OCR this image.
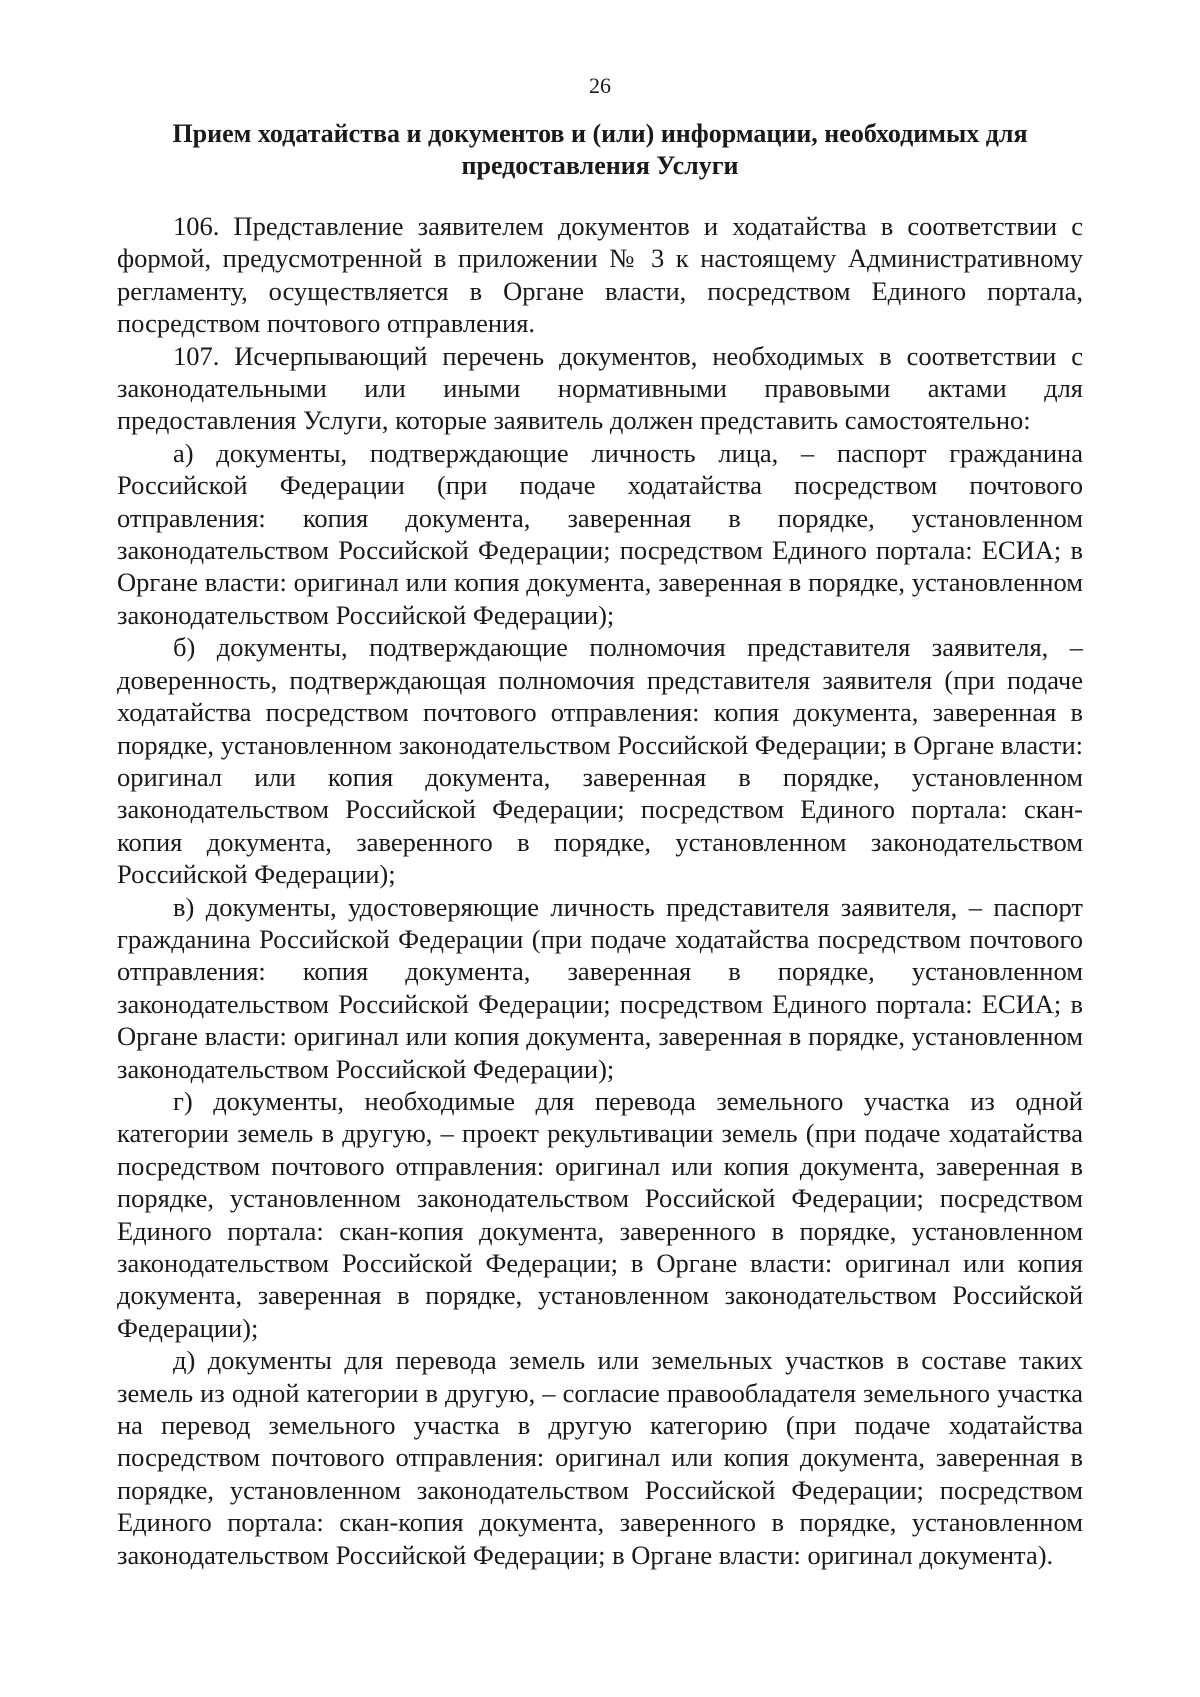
26
Прием ходатайства и документов и (или) информации, необходимых для предоставления Услуги

106. Представление заявителем документов и ходатайства в соответствии с формой, предусмотренной в приложении № 3 к настоящему Административному регламенту, осуществляется в Органе власти, посредством Единого портала, посредством почтового отправления.

107. Исчерпывающий перечень документов, необходимых в соответствии с законодательными или иными нормативными правовыми актами для предоставления Услуги, которые заявитель должен представить самостоятельно:

а) документы, подтверждающие личность лица, – паспорт гражданина Российской Федерации (при подаче ходатайства посредством почтового отправления: копия документа, заверенная в порядке, установленном законодательством Российской Федерации; посредством Единого портала: ЕСИА; в Органе власти: оригинал или копия документа, заверенная в порядке, установленном законодательством Российской Федерации);

б) документы, подтверждающие полномочия представителя заявителя, – доверенность, подтверждающая полномочия представителя заявителя (при подаче ходатайства посредством почтового отправления: копия документа, заверенная в порядке, установленном законодательством Российской Федерации; в Органе власти: оригинал или копия документа, заверенная в порядке, установленном законодательством Российской Федерации; посредством Единого портала: скан-копия документа, заверенного в порядке, установленном законодательством Российской Федерации);

в) документы, удостоверяющие личность представителя заявителя, – паспорт гражданина Российской Федерации (при подаче ходатайства посредством почтового отправления: копия документа, заверенная в порядке, установленном законодательством Российской Федерации; посредством Единого портала: ЕСИА; в Органе власти: оригинал или копия документа, заверенная в порядке, установленном законодательством Российской Федерации);

г) документы, необходимые для перевода земельного участка из одной категории земель в другую, – проект рекультивации земель (при подаче ходатайства посредством почтового отправления: оригинал или копия документа, заверенная в порядке, установленном законодательством Российской Федерации; посредством Единого портала: скан-копия документа, заверенного в порядке, установленном законодательством Российской Федерации; в Органе власти: оригинал или копия документа, заверенная в порядке, установленном законодательством Российской Федерации);

д) документы для перевода земель или земельных участков в составе таких земель из одной категории в другую, – согласие правообладателя земельного участка на перевод земельного участка в другую категорию (при подаче ходатайства посредством почтового отправления: оригинал или копия документа, заверенная в порядке, установленном законодательством Российской Федерации; посредством Единого портала: скан-копия документа, заверенного в порядке, установленном законодательством Российской Федерации; в Органе власти: оригинал документа).
